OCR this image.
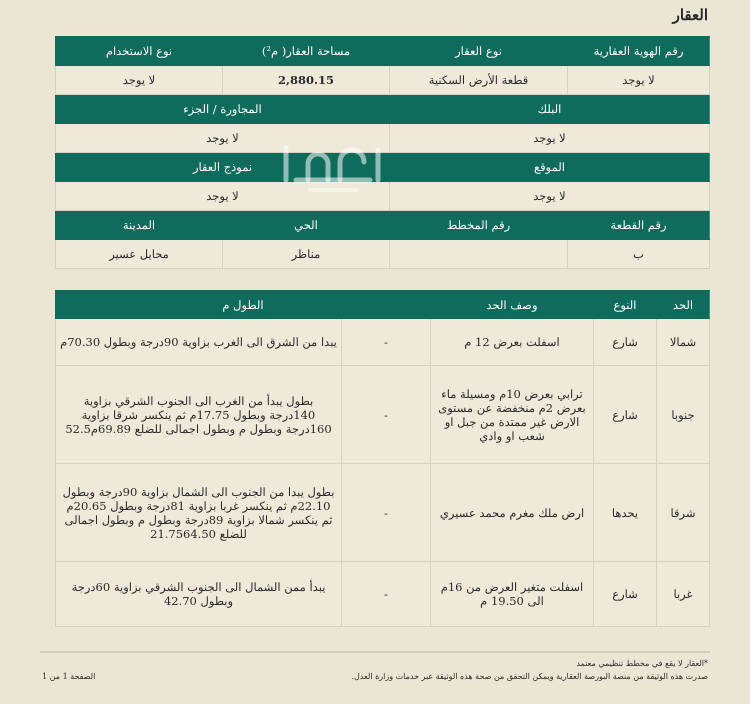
العقار
رقم الهوية العقارية	نوع العقار	مساحة العقار( م²)	نوع الاستخدام
لا يوجد	قطعة الأرض السكنية	2,880.15	لا يوجد
البلك		المجاورة / الجزء	
لا يوجد		لا يوجد	
الموقع		نموذج العقار	
لا يوجد		لا يوجد	
رقم القطعة	رقم المخطط	الحي	المدينة
ب		مناظر	محايل عسير
الحد	النوع	وصف الحد	الطول م	
شمالا	شارع	اسفلت بعرض 12 م	-	يبدا من الشرق الى الغرب بزاوية 90درجة وبطول 70.30م
جنوبا	شارع	ترابي بعرض 10م ومسيلة ماء بعرض 2م منخفضة عن مستوى الارض غير ممتدة من جبل او شعب او وادي	-	بطول يبدأ من الغرب الى الجنوب الشرقي بزاوية 140درجة وبطول 17.75م ثم ينكسر شرقا بزاوية 160درجة وبطول م وبطول اجمالى للضلع 69.89م52.5
شرقا	يحدها	ارض ملك مغرم محمد عسيري	-	بطول يبدا من الجنوب الى الشمال بزاوية 90درجة وبطول 22.10م ثم ينكسر غربا بزاوية 81درجة وبطول 20.65م ثم ينكسر شمالا بزاوية 89درجة وبطول م وبطول اجمالى للضلع 21.7564.50
غربا	شارع	اسفلت متغير العرض من 16م الى 19.50 م	-	يبدأ ممن الشمال الى الجنوب الشرقي بزاوية 60درجة وبطول 42.70
*العقار لا يقع في مخطط تنظيمي معتمد
صدرت هذه الوثيقة من منصة البورصة العقارية ويمكن التحقق من صحة هذه الوثيقة عبر خدمات وزارة العدل.
الصفحة 1 من 1
